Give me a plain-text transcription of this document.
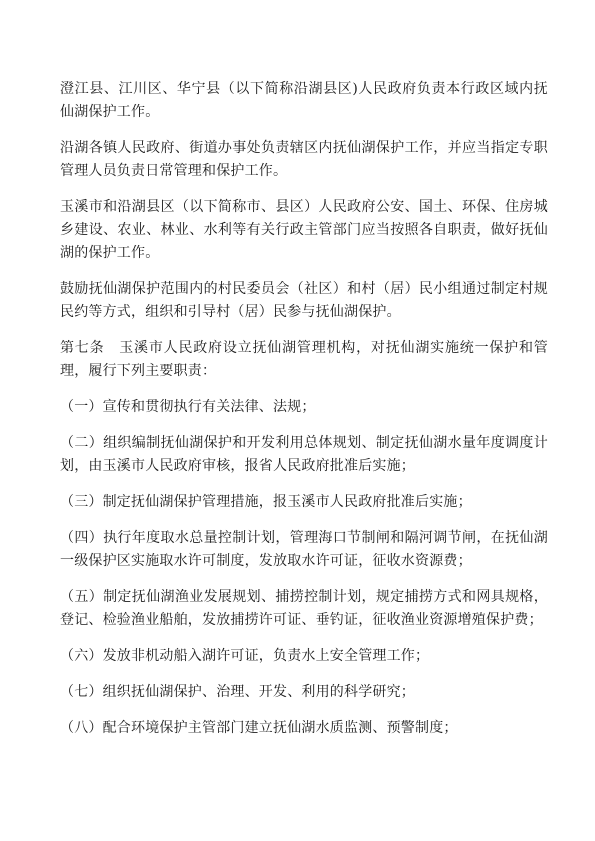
澄江县、江川区、华宁县（以下简称沿湖县区)人民政府负责本行政区域内抚仙湖保护工作。

沿湖各镇人民政府、街道办事处负责辖区内抚仙湖保护工作，并应当指定专职管理人员负责日常管理和保护工作。

玉溪市和沿湖县区（以下简称市、县区）人民政府公安、国土、环保、住房城乡建设、农业、林业、水利等有关行政主管部门应当按照各自职责，做好抚仙湖的保护工作。

鼓励抚仙湖保护范围内的村民委员会（社区）和村（居）民小组通过制定村规民约等方式，组织和引导村（居）民参与抚仙湖保护。

第七条　玉溪市人民政府设立抚仙湖管理机构，对抚仙湖实施统一保护和管理，履行下列主要职责：

（一）宣传和贯彻执行有关法律、法规；

（二）组织编制抚仙湖保护和开发利用总体规划、制定抚仙湖水量年度调度计划，由玉溪市人民政府审核，报省人民政府批准后实施；

（三）制定抚仙湖保护管理措施，报玉溪市人民政府批准后实施；

（四）执行年度取水总量控制计划，管理海口节制闸和隔河调节闸，在抚仙湖一级保护区实施取水许可制度，发放取水许可证，征收水资源费；

（五）制定抚仙湖渔业发展规划、捕捞控制计划，规定捕捞方式和网具规格，登记、检验渔业船舶，发放捕捞许可证、垂钓证，征收渔业资源增殖保护费；

（六）发放非机动船入湖许可证，负责水上安全管理工作；

（七）组织抚仙湖保护、治理、开发、利用的科学研究；

（八）配合环境保护主管部门建立抚仙湖水质监测、预警制度；
